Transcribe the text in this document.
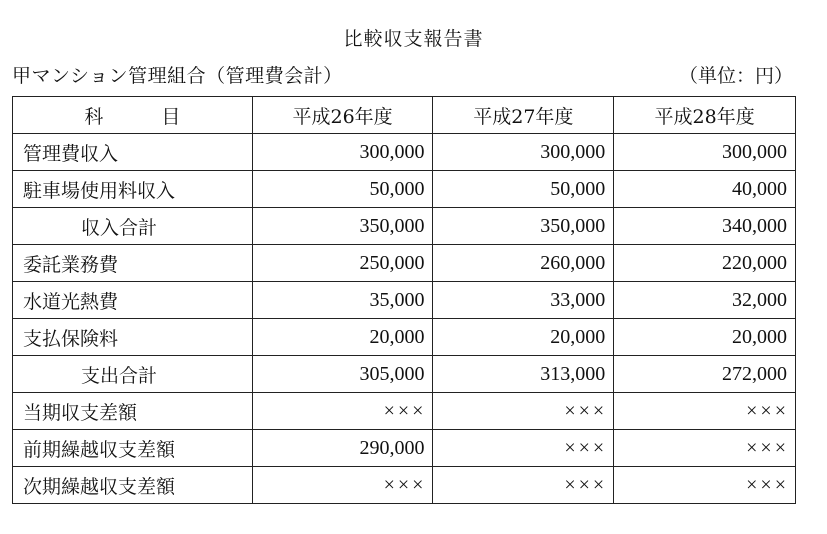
比較収支報告書
甲マンション管理組合（管理費会計）	（単位：円）
科 目	平成26年度	平成27年度	平成28年度
管理費収入	300,000	300,000	300,000
駐車場使用料収入	50,000	50,000	40,000
収入合計	350,000	350,000	340,000
委託業務費	250,000	260,000	220,000
水道光熱費	35,000	33,000	32,000
支払保険料	20,000	20,000	20,000
支出合計	305,000	313,000	272,000
当期収支差額	×××	×××	×××
前期繰越収支差額	290,000	×××	×××
次期繰越収支差額	×××	×××	×××
